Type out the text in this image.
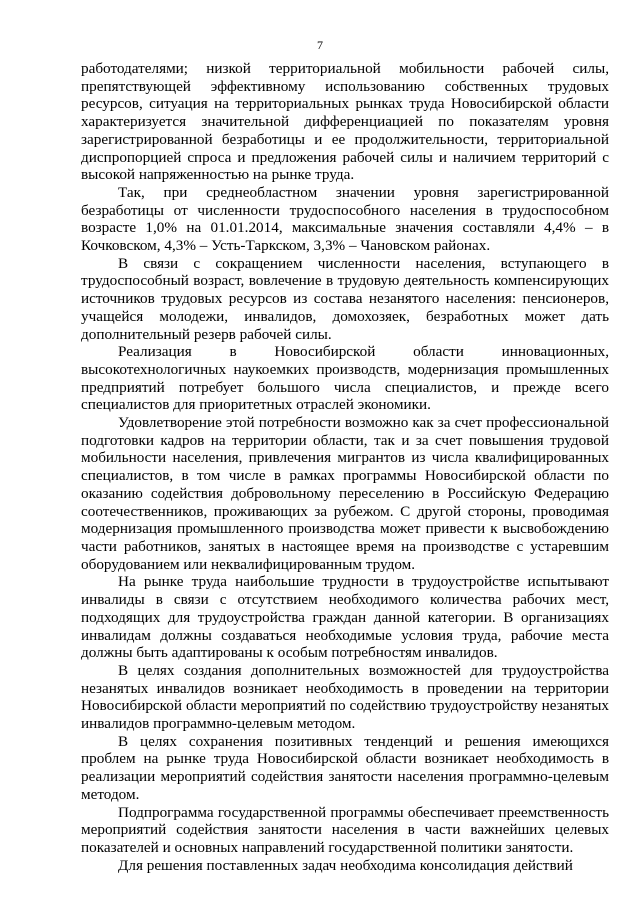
7

работодателями; низкой территориальной мобильности рабочей силы, препятствующей эффективному использованию собственных трудовых ресурсов, ситуация на территориальных рынках труда Новосибирской области характеризуется значительной дифференциацией по показателям уровня зарегистрированной безработицы и ее продолжительности, территориальной диспропорцией спроса и предложения рабочей силы и наличием территорий с высокой напряженностью на рынке труда.

Так, при среднеобластном значении уровня зарегистрированной безработицы от численности трудоспособного населения в трудоспособном возрасте 1,0% на 01.01.2014, максимальные значения составляли 4,4% – в Кочковском, 4,3% – Усть-Таркском, 3,3% – Чановском районах.

В связи с сокращением численности населения, вступающего в трудоспособный возраст, вовлечение в трудовую деятельность компенсирующих источников трудовых ресурсов из состава незанятого населения: пенсионеров, учащейся молодежи, инвалидов, домохозяек, безработных может дать дополнительный резерв рабочей силы.

Реализация в Новосибирской области инновационных, высокотехнологичных наукоемких производств, модернизация промышленных предприятий потребует большого числа специалистов, и прежде всего специалистов для приоритетных отраслей экономики.

Удовлетворение этой потребности возможно как за счет профессиональной подготовки кадров на территории области, так и за счет повышения трудовой мобильности населения, привлечения мигрантов из числа квалифицированных специалистов, в том числе в рамках программы Новосибирской области по оказанию содействия добровольному переселению в Российскую Федерацию соотечественников, проживающих за рубежом. С другой стороны, проводимая модернизация промышленного производства может привести к высвобождению части работников, занятых в настоящее время на производстве с устаревшим оборудованием или неквалифицированным трудом.

На рынке труда наибольшие трудности в трудоустройстве испытывают инвалиды в связи с отсутствием необходимого количества рабочих мест, подходящих для трудоустройства граждан данной категории. В организациях инвалидам должны создаваться необходимые условия труда, рабочие места должны быть адаптированы к особым потребностям инвалидов.

В целях создания дополнительных возможностей для трудоустройства незанятых инвалидов возникает необходимость в проведении на территории Новосибирской области мероприятий по содействию трудоустройству незанятых инвалидов программно-целевым методом.

В целях сохранения позитивных тенденций и решения имеющихся проблем на рынке труда Новосибирской области возникает необходимость в реализации мероприятий содействия занятости населения программно-целевым методом.

Подпрограмма государственной программы обеспечивает преемственность мероприятий содействия занятости населения в части важнейших целевых показателей и основных направлений государственной политики занятости.

Для решения поставленных задач необходима консолидация действий
